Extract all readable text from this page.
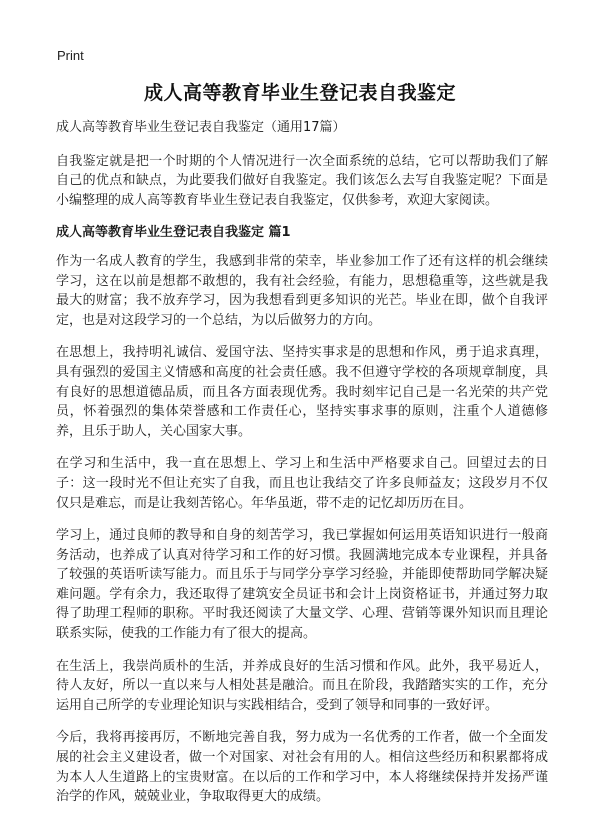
Print
成人高等教育毕业生登记表自我鉴定
成人高等教育毕业生登记表自我鉴定（通用17篇）

自我鉴定就是把一个时期的个人情况进行一次全面系统的总结，它可以帮助我们了解自己的优点和缺点，为此要我们做好自我鉴定。我们该怎么去写自我鉴定呢？下面是小编整理的成人高等教育毕业生登记表自我鉴定，仅供参考，欢迎大家阅读。

成人高等教育毕业生登记表自我鉴定 篇1

作为一名成人教育的学生，我感到非常的荣幸，毕业参加工作了还有这样的机会继续学习，这在以前是想都不敢想的，我有社会经验，有能力，思想稳重等，这些就是我最大的财富；我不放弃学习，因为我想看到更多知识的光芒。毕业在即，做个自我评定，也是对这段学习的一个总结，为以后做努力的方向。

在思想上，我持明礼诚信、爱国守法、坚持实事求是的思想和作风，勇于追求真理，具有强烈的爱国主义情感和高度的社会责任感。我不但遵守学校的各项规章制度，具有良好的思想道德品质，而且各方面表现优秀。我时刻牢记自己是一名光荣的共产党员，怀着强烈的集体荣誉感和工作责任心，坚持实事求事的原则，注重个人道德修养，且乐于助人，关心国家大事。

在学习和生活中，我一直在思想上、学习上和生活中严格要求自己。回望过去的日子：这一段时光不但让充实了自我，而且也让我结交了许多良师益友；这段岁月不仅仅只是难忘，而是让我刻苦铭心。年华虽逝，带不走的记忆却历历在目。

学习上，通过良师的教导和自身的刻苦学习，我已掌握如何运用英语知识进行一般商务活动，也养成了认真对待学习和工作的好习惯。我圆满地完成本专业课程，并具备了较强的英语听读写能力。而且乐于与同学分享学习经验，并能即使帮助同学解决疑难问题。学有余力，我还取得了建筑安全员证书和会计上岗资格证书，并通过努力取得了助理工程师的职称。平时我还阅读了大量文学、心理、营销等课外知识而且理论联系实际，使我的工作能力有了很大的提高。

在生活上，我崇尚质朴的生活，并养成良好的生活习惯和作风。此外，我平易近人，待人友好，所以一直以来与人相处甚是融洽。而且在阶段，我踏踏实实的工作，充分运用自己所学的专业理论知识与实践相结合，受到了领导和同事的一致好评。

今后，我将再接再厉，不断地完善自我，努力成为一名优秀的工作者，做一个全面发展的社会主义建设者，做一个对国家、对社会有用的人。相信这些经历和积累都将成为本人人生道路上的宝贵财富。在以后的工作和学习中，本人将继续保持并发扬严谨治学的作风，兢兢业业，争取取得更大的成绩。
